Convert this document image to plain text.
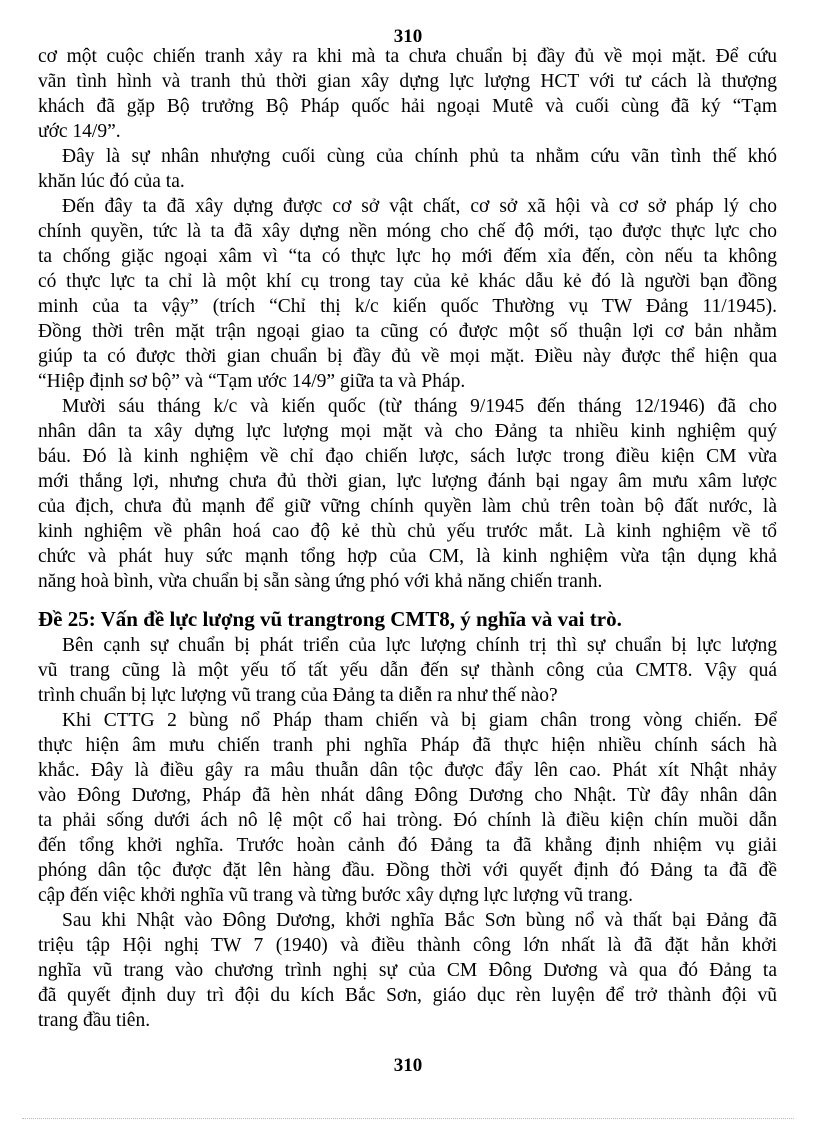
310
cơ một cuộc chiến tranh xảy ra khi mà ta chưa chuẩn bị đầy đủ về mọi mặt. Để cứu
vãn tình hình và tranh thủ thời gian xây dựng lực lượng HCT với tư cách là thượng
khách đã gặp Bộ trưởng Bộ Pháp quốc hải ngoại Mutê và cuối cùng đã ký “Tạm
ước 14/9”.
Đây là sự nhân nhượng cuối cùng của chính phủ ta nhằm cứu vãn tình thế khó
khăn lúc đó của ta.
Đến đây ta đã xây dựng được cơ sở vật chất, cơ sở xã hội và cơ sở pháp lý cho
chính quyền, tức là ta đã xây dựng nền móng cho chế độ mới, tạo được thực lực cho
ta chống giặc ngoại xâm vì “ta có thực lực họ mới đếm xỉa đến, còn nếu ta không
có thực lực ta chỉ là một khí cụ trong tay của kẻ khác dẫu kẻ đó là người bạn đồng
minh của ta vậy” (trích “Chỉ thị k/c kiến quốc Thường vụ TW Đảng 11/1945).
Đồng thời trên mặt trận ngoại giao ta cũng có được một số thuận lợi cơ bản nhằm
giúp ta có được thời gian chuẩn bị đầy đủ về mọi mặt. Điều này được thể hiện qua
“Hiệp định sơ bộ” và “Tạm ước 14/9” giữa ta và Pháp.
Mười sáu tháng k/c và kiến quốc (từ tháng 9/1945 đến tháng 12/1946) đã cho
nhân dân ta xây dựng lực lượng mọi mặt và cho Đảng ta nhiều kinh nghiệm quý
báu. Đó là kinh nghiệm về chỉ đạo chiến lược, sách lược trong điều kiện CM vừa
mới thắng lợi, nhưng chưa đủ thời gian, lực lượng đánh bại ngay âm mưu xâm lược
của địch, chưa đủ mạnh để giữ vững chính quyền làm chủ trên toàn bộ đất nước, là
kinh nghiệm về phân hoá cao độ kẻ thù chủ yếu trước mắt. Là kinh nghiệm về tổ
chức và phát huy sức mạnh tổng hợp của CM, là kinh nghiệm vừa tận dụng khả
năng hoà bình, vừa chuẩn bị sẵn sàng ứng phó với khả năng chiến tranh.
Đề 25: Vấn đề lực lượng vũ trangtrong CMT8, ý nghĩa và vai trò.
Bên cạnh sự chuẩn bị phát triển của lực lượng chính trị thì sự chuẩn bị lực lượng
vũ trang cũng là một yếu tố tất yếu dẫn đến sự thành công của CMT8. Vậy quá
trình chuẩn bị lực lượng vũ trang của Đảng ta diễn ra như thế nào?
Khi CTTG 2 bùng nổ Pháp tham chiến và bị giam chân trong vòng chiến. Để
thực hiện âm mưu chiến tranh phi nghĩa Pháp đã thực hiện nhiều chính sách hà
khắc. Đây là điều gây ra mâu thuẫn dân tộc được đẩy lên cao. Phát xít Nhật nhảy
vào Đông Dương, Pháp đã hèn nhát dâng Đông Dương cho Nhật. Từ đây nhân dân
ta phải sống dưới ách nô lệ một cổ hai tròng. Đó chính là điều kiện chín muồi dẫn
đến tổng khởi nghĩa. Trước hoàn cảnh đó Đảng ta đã khẳng định nhiệm vụ giải
phóng dân tộc được đặt lên hàng đầu. Đồng thời với quyết định đó Đảng ta đã đề
cập đến việc khởi nghĩa vũ trang và từng bước xây dựng lực lượng vũ trang.
Sau khi Nhật vào Đông Dương, khởi nghĩa Bắc Sơn bùng nổ và thất bại Đảng đã
triệu tập Hội nghị TW 7 (1940) và điều thành công lớn nhất là đã đặt hẳn khởi
nghĩa vũ trang vào chương trình nghị sự của CM Đông Dương và qua đó Đảng ta
đã quyết định duy trì đội du kích Bắc Sơn, giáo dục rèn luyện để trở thành đội vũ
trang đầu tiên.
310
